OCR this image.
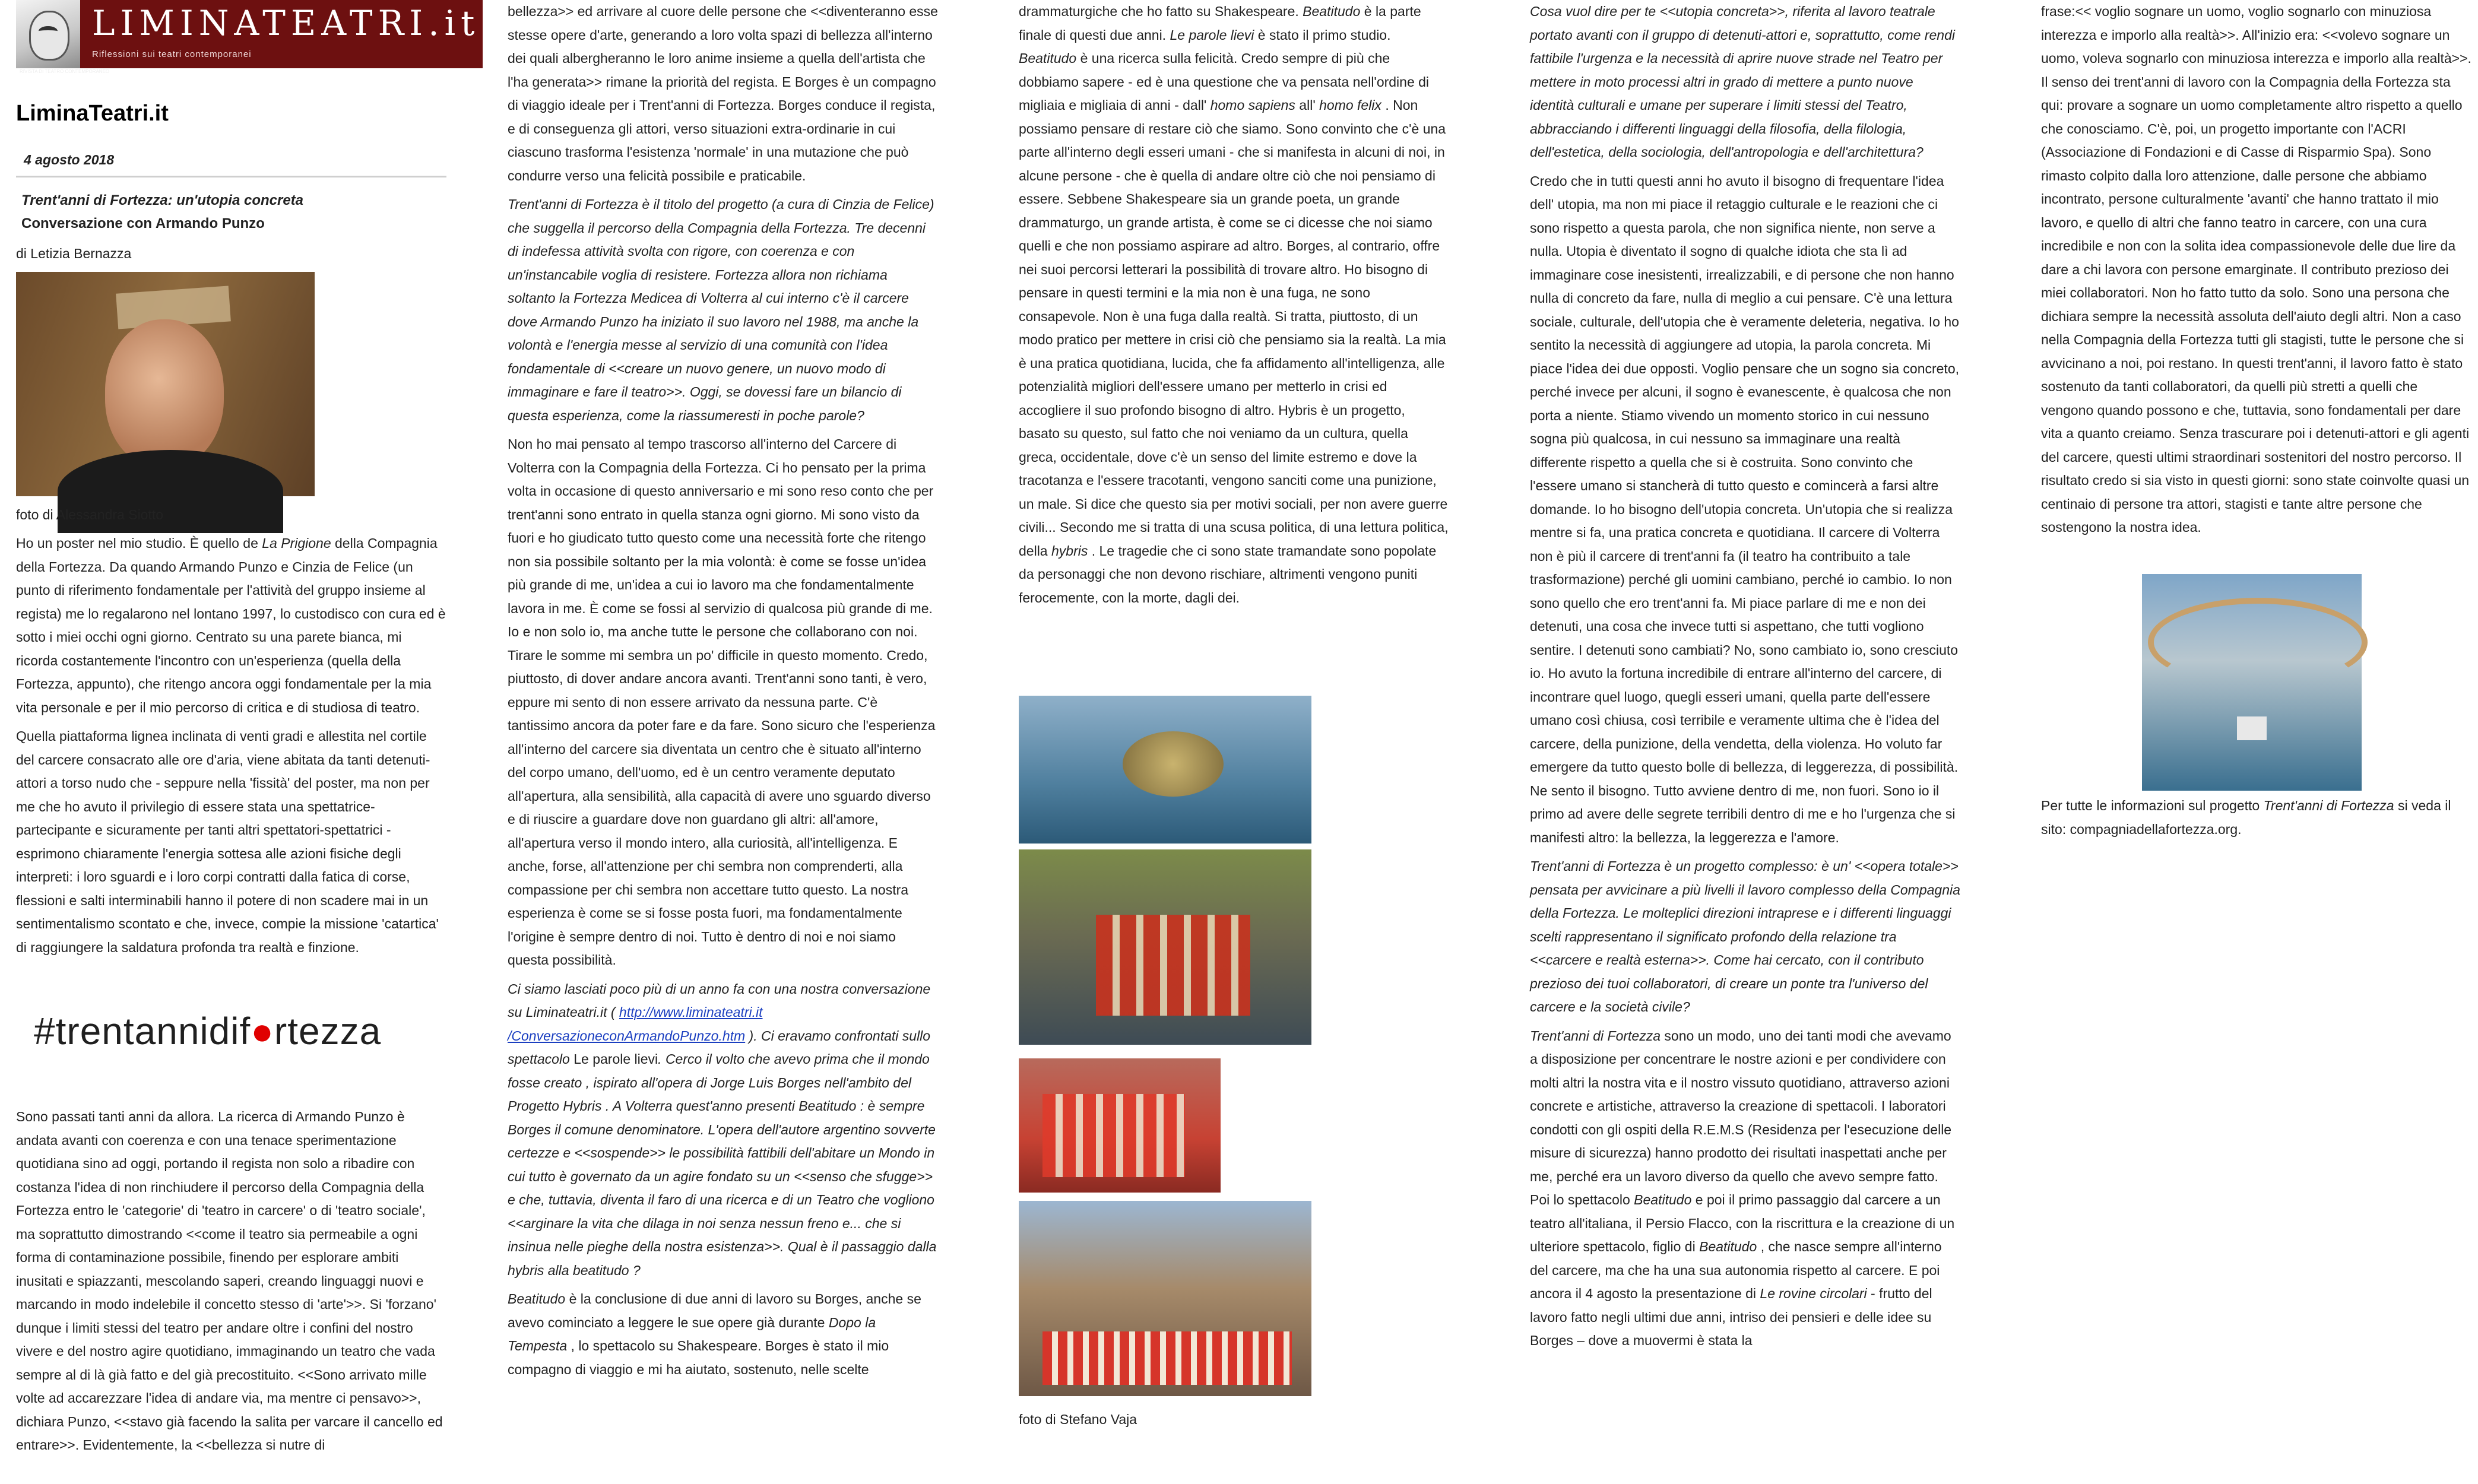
LIMINATEATRI.it
Riflessioni sui teatri contemporanei
RIVISTA DI TEATRO CONTEMPORANEO
LiminaTeatri.it
4 agosto 2018
Trent'anni di Fortezza: un'utopia concreta
Conversazione con Armando Punzo
di Letizia Bernazza
foto di Alessandra Siotto

Ho un poster nel mio studio. È quello de La Prigione della Compagnia della Fortezza. Da quando Armando Punzo e Cinzia de Felice (un punto di riferimento fondamentale per l'attività del gruppo insieme al regista) me lo regalarono nel lontano 1997, lo custodisco con cura ed è sotto i miei occhi ogni giorno. Centrato su una parete bianca, mi ricorda costantemente l'incontro con un'esperienza (quella della Fortezza, appunto), che ritengo ancora oggi fondamentale per la mia vita personale e per il mio percorso di critica e di studiosa di teatro.

Quella piattaforma lignea inclinata di venti gradi e allestita nel cortile del carcere consacrato alle ore d'aria, viene abitata da tanti detenuti-attori a torso nudo che - seppure nella 'fissità' del poster, ma non per me che ho avuto il privilegio di essere stata una spettatrice-partecipante e sicuramente per tanti altri spettatori-spettatrici - esprimono chiaramente l'energia sottesa alle azioni fisiche degli interpreti: i loro sguardi e i loro corpi contratti dalla fatica di corse, flessioni e salti interminabili hanno il potere di non scadere mai in un sentimentalismo scontato e che, invece, compie la missione 'catartica' di raggiungere la saldatura profonda tra realtà e finzione.

#trentannidif●rtezza

Sono passati tanti anni da allora. La ricerca di Armando Punzo è andata avanti con coerenza e con una tenace sperimentazione quotidiana sino ad oggi, portando il regista non solo a ribadire con costanza l'idea di non rinchiudere il percorso della Compagnia della Fortezza entro le 'categorie' di 'teatro in carcere' o di 'teatro sociale', ma soprattutto dimostrando <<come il teatro sia permeabile a ogni forma di contaminazione possibile, finendo per esplorare ambiti inusitati e spiazzanti, mescolando saperi, creando linguaggi nuovi e marcando in modo indelebile il concetto stesso di 'arte'>>. Si 'forzano' dunque i limiti stessi del teatro per andare oltre i confini del nostro vivere e del nostro agire quotidiano, immaginando un teatro che vada sempre al di là già fatto e del già precostituito. <<Sono arrivato mille volte ad accarezzare l'idea di andare via, ma mentre ci pensavo>>, dichiara Punzo, <<stavo già facendo la salita per varcare il cancello ed entrare>>. Evidentemente, la <<bellezza si nutre di

bellezza>> ed arrivare al cuore delle persone che <<diventeranno esse stesse opere d'arte, generando a loro volta spazi di bellezza all'interno dei quali albergheranno le loro anime insieme a quella dell'artista che l'ha generata>> rimane la priorità del regista. E Borges è un compagno di viaggio ideale per i Trent'anni di Fortezza. Borges conduce il regista, e di conseguenza gli attori, verso situazioni extra-ordinarie in cui ciascuno trasforma l'esistenza 'normale' in una mutazione che può condurre verso una felicità possibile e praticabile.

Trent'anni di Fortezza è il titolo del progetto (a cura di Cinzia de Felice) che suggella il percorso della Compagnia della Fortezza. Tre decenni di indefessa attività svolta con rigore, con coerenza e con un'instancabile voglia di resistere. Fortezza allora non richiama soltanto la Fortezza Medicea di Volterra al cui interno c'è il carcere dove Armando Punzo ha iniziato il suo lavoro nel 1988, ma anche la volontà e l'energia messe al servizio di una comunità con l'idea fondamentale di <<creare un nuovo genere, un nuovo modo di immaginare e fare il teatro>>. Oggi, se dovessi fare un bilancio di questa esperienza, come la riassumeresti in poche parole?

Non ho mai pensato al tempo trascorso all'interno del Carcere di Volterra con la Compagnia della Fortezza. Ci ho pensato per la prima volta in occasione di questo anniversario e mi sono reso conto che per trent'anni sono entrato in quella stanza ogni giorno. Mi sono visto da fuori e ho giudicato tutto questo come una necessità forte che ritengo non sia possibile soltanto per la mia volontà: è come se fosse un'idea più grande di me, un'idea a cui io lavoro ma che fondamentalmente lavora in me. È come se fossi al servizio di qualcosa più grande di me. Io e non solo io, ma anche tutte le persone che collaborano con noi. Tirare le somme mi sembra un po' difficile in questo momento. Credo, piuttosto, di dover andare ancora avanti. Trent'anni sono tanti, è vero, eppure mi sento di non essere arrivato da nessuna parte. C'è tantissimo ancora da poter fare e da fare. Sono sicuro che l'esperienza all'interno del carcere sia diventata un centro che è situato all'interno del corpo umano, dell'uomo, ed è un centro veramente deputato all'apertura, alla sensibilità, alla capacità di avere uno sguardo diverso e di riuscire a guardare dove non guardano gli altri: all'amore, all'apertura verso il mondo intero, alla curiosità, all'intelligenza. E anche, forse, all'attenzione per chi sembra non comprenderti, alla compassione per chi sembra non accettare tutto questo. La nostra esperienza è come se si fosse posta fuori, ma fondamentalmente l'origine è sempre dentro di noi. Tutto è dentro di noi e noi siamo questa possibilità.

Ci siamo lasciati poco più di un anno fa con una nostra conversazione su Liminateatri.it ( http://www.liminateatri.it /ConversazioneconArmandoPunzo.htm ). Ci eravamo confrontati sullo spettacolo Le parole lievi. Cerco il volto che avevo prima che il mondo fosse creato , ispirato all'opera di Jorge Luis Borges nell'ambito del Progetto Hybris . A Volterra quest'anno presenti Beatitudo : è sempre Borges il comune denominatore. L'opera dell'autore argentino sovverte certezze e <<sospende>> le possibilità fattibili dell'abitare un Mondo in cui tutto è governato da un agire fondato su un <<senso che sfugge>> e che, tuttavia, diventa il faro di una ricerca e di un Teatro che vogliono <<arginare la vita che dilaga in noi senza nessun freno e... che si insinua nelle pieghe della nostra esistenza>>. Qual è il passaggio dalla hybris alla beatitudo ?

Beatitudo è la conclusione di due anni di lavoro su Borges, anche se avevo cominciato a leggere le sue opere già durante Dopo la Tempesta , lo spettacolo su Shakespeare. Borges è stato il mio compagno di viaggio e mi ha aiutato, sostenuto, nelle scelte

drammaturgiche che ho fatto su Shakespeare. Beatitudo è la parte finale di questi due anni. Le parole lievi è stato il primo studio. Beatitudo è una ricerca sulla felicità. Credo sempre di più che dobbiamo sapere - ed è una questione che va pensata nell'ordine di migliaia e migliaia di anni - dall' homo sapiens all' homo felix . Non possiamo pensare di restare ciò che siamo. Sono convinto che c'è una parte all'interno degli esseri umani - che si manifesta in alcuni di noi, in alcune persone - che è quella di andare oltre ciò che noi pensiamo di essere. Sebbene Shakespeare sia un grande poeta, un grande drammaturgo, un grande artista, è come se ci dicesse che noi siamo quelli e che non possiamo aspirare ad altro. Borges, al contrario, offre nei suoi percorsi letterari la possibilità di trovare altro. Ho bisogno di pensare in questi termini e la mia non è una fuga, ne sono consapevole. Non è una fuga dalla realtà. Si tratta, piuttosto, di un modo pratico per mettere in crisi ciò che pensiamo sia la realtà. La mia è una pratica quotidiana, lucida, che fa affidamento all'intelligenza, alle potenzialità migliori dell'essere umano per metterlo in crisi ed accogliere il suo profondo bisogno di altro. Hybris è un progetto, basato su questo, sul fatto che noi veniamo da un cultura, quella greca, occidentale, dove c'è un senso del limite estremo e dove la tracotanza e l'essere tracotanti, vengono sanciti come una punizione, un male. Si dice che questo sia per motivi sociali, per non avere guerre civili... Secondo me si tratta di una scusa politica, di una lettura politica, della hybris . Le tragedie che ci sono state tramandate sono popolate da personaggi che non devono rischiare, altrimenti vengono puniti ferocemente, con la morte, dagli dei.

foto di Stefano Vaja

Cosa vuol dire per te <<utopia concreta>>, riferita al lavoro teatrale portato avanti con il gruppo di detenuti-attori e, soprattutto, come rendi fattibile l'urgenza e la necessità di aprire nuove strade nel Teatro per mettere in moto processi altri in grado di mettere a punto nuove identità culturali e umane per superare i limiti stessi del Teatro, abbracciando i differenti linguaggi della filosofia, della filologia, dell'estetica, della sociologia, dell'antropologia e dell'architettura?

Credo che in tutti questi anni ho avuto il bisogno di frequentare l'idea dell' utopia, ma non mi piace il retaggio culturale e le reazioni che ci sono rispetto a questa parola, che non significa niente, non serve a nulla. Utopia è diventato il sogno di qualche idiota che sta lì ad immaginare cose inesistenti, irrealizzabili, e di persone che non hanno nulla di concreto da fare, nulla di meglio a cui pensare. C'è una lettura sociale, culturale, dell'utopia che è veramente deleteria, negativa. Io ho sentito la necessità di aggiungere ad utopia, la parola concreta. Mi piace l'idea dei due opposti. Voglio pensare che un sogno sia concreto, perché invece per alcuni, il sogno è evanescente, è qualcosa che non porta a niente. Stiamo vivendo un momento storico in cui nessuno sogna più qualcosa, in cui nessuno sa immaginare una realtà differente rispetto a quella che si è costruita. Sono convinto che l'essere umano si stancherà di tutto questo e comincerà a farsi altre domande. Io ho bisogno dell'utopia concreta. Un'utopia che si realizza mentre si fa, una pratica concreta e quotidiana. Il carcere di Volterra non è più il carcere di trent'anni fa (il teatro ha contribuito a tale trasformazione) perché gli uomini cambiano, perché io cambio. Io non sono quello che ero trent'anni fa. Mi piace parlare di me e non dei detenuti, una cosa che invece tutti si aspettano, che tutti vogliono sentire. I detenuti sono cambiati? No, sono cambiato io, sono cresciuto io. Ho avuto la fortuna incredibile di entrare all'interno del carcere, di incontrare quel luogo, quegli esseri umani, quella parte dell'essere umano così chiusa, così terribile e veramente ultima che è l'idea del carcere, della punizione, della vendetta, della violenza. Ho voluto far emergere da tutto questo bolle di bellezza, di leggerezza, di possibilità. Ne sento il bisogno. Tutto avviene dentro di me, non fuori. Sono io il primo ad avere delle segrete terribili dentro di me e ho l'urgenza che si manifesti altro: la bellezza, la leggerezza e l'amore.

Trent'anni di Fortezza è un progetto complesso: è un' <<opera totale>> pensata per avvicinare a più livelli il lavoro complesso della Compagnia della Fortezza. Le molteplici direzioni intraprese e i differenti linguaggi scelti rappresentano il significato profondo della relazione tra <<carcere e realtà esterna>>. Come hai cercato, con il contributo prezioso dei tuoi collaboratori, di creare un ponte tra l'universo del carcere e la società civile?

Trent'anni di Fortezza sono un modo, uno dei tanti modi che avevamo a disposizione per concentrare le nostre azioni e per condividere con molti altri la nostra vita e il nostro vissuto quotidiano, attraverso azioni concrete e artistiche, attraverso la creazione di spettacoli. I laboratori condotti con gli ospiti della R.E.M.S (Residenza per l'esecuzione delle misure di sicurezza) hanno prodotto dei risultati inaspettati anche per me, perché era un lavoro diverso da quello che avevo sempre fatto. Poi lo spettacolo Beatitudo e poi il primo passaggio dal carcere a un teatro all'italiana, il Persio Flacco, con la riscrittura e la creazione di un ulteriore spettacolo, figlio di Beatitudo , che nasce sempre all'interno del carcere, ma che ha una sua autonomia rispetto al carcere. E poi ancora il 4 agosto la presentazione di Le rovine circolari - frutto del lavoro fatto negli ultimi due anni, intriso dei pensieri e delle idee su Borges – dove a muovermi è stata la

frase:<< voglio sognare un uomo, voglio sognarlo con minuziosa interezza e imporlo alla realtà>>. All'inizio era: <<volevo sognare un uomo, voleva sognarlo con minuziosa interezza e imporlo alla realtà>>. Il senso dei trent'anni di lavoro con la Compagnia della Fortezza sta qui: provare a sognare un uomo completamente altro rispetto a quello che conosciamo. C'è, poi, un progetto importante con l'ACRI (Associazione di Fondazioni e di Casse di Risparmio Spa). Sono rimasto colpito dalla loro attenzione, dalle persone che abbiamo incontrato, persone culturalmente 'avanti' che hanno trattato il mio lavoro, e quello di altri che fanno teatro in carcere, con una cura incredibile e non con la solita idea compassionevole delle due lire da dare a chi lavora con persone emarginate. Il contributo prezioso dei miei collaboratori. Non ho fatto tutto da solo. Sono una persona che dichiara sempre la necessità assoluta dell'aiuto degli altri. Non a caso nella Compagnia della Fortezza tutti gli stagisti, tutte le persone che si avvicinano a noi, poi restano. In questi trent'anni, il lavoro fatto è stato sostenuto da tanti collaboratori, da quelli più stretti a quelli che vengono quando possono e che, tuttavia, sono fondamentali per dare vita a quanto creiamo. Senza trascurare poi i detenuti-attori e gli agenti del carcere, questi ultimi straordinari sostenitori del nostro percorso. Il risultato credo si sia visto in questi giorni: sono state coinvolte quasi un centinaio di persone tra attori, stagisti e tante altre persone che sostengono la nostra idea.

Per tutte le informazioni sul progetto Trent'anni di Fortezza si veda il sito: compagniadellafortezza.org.
